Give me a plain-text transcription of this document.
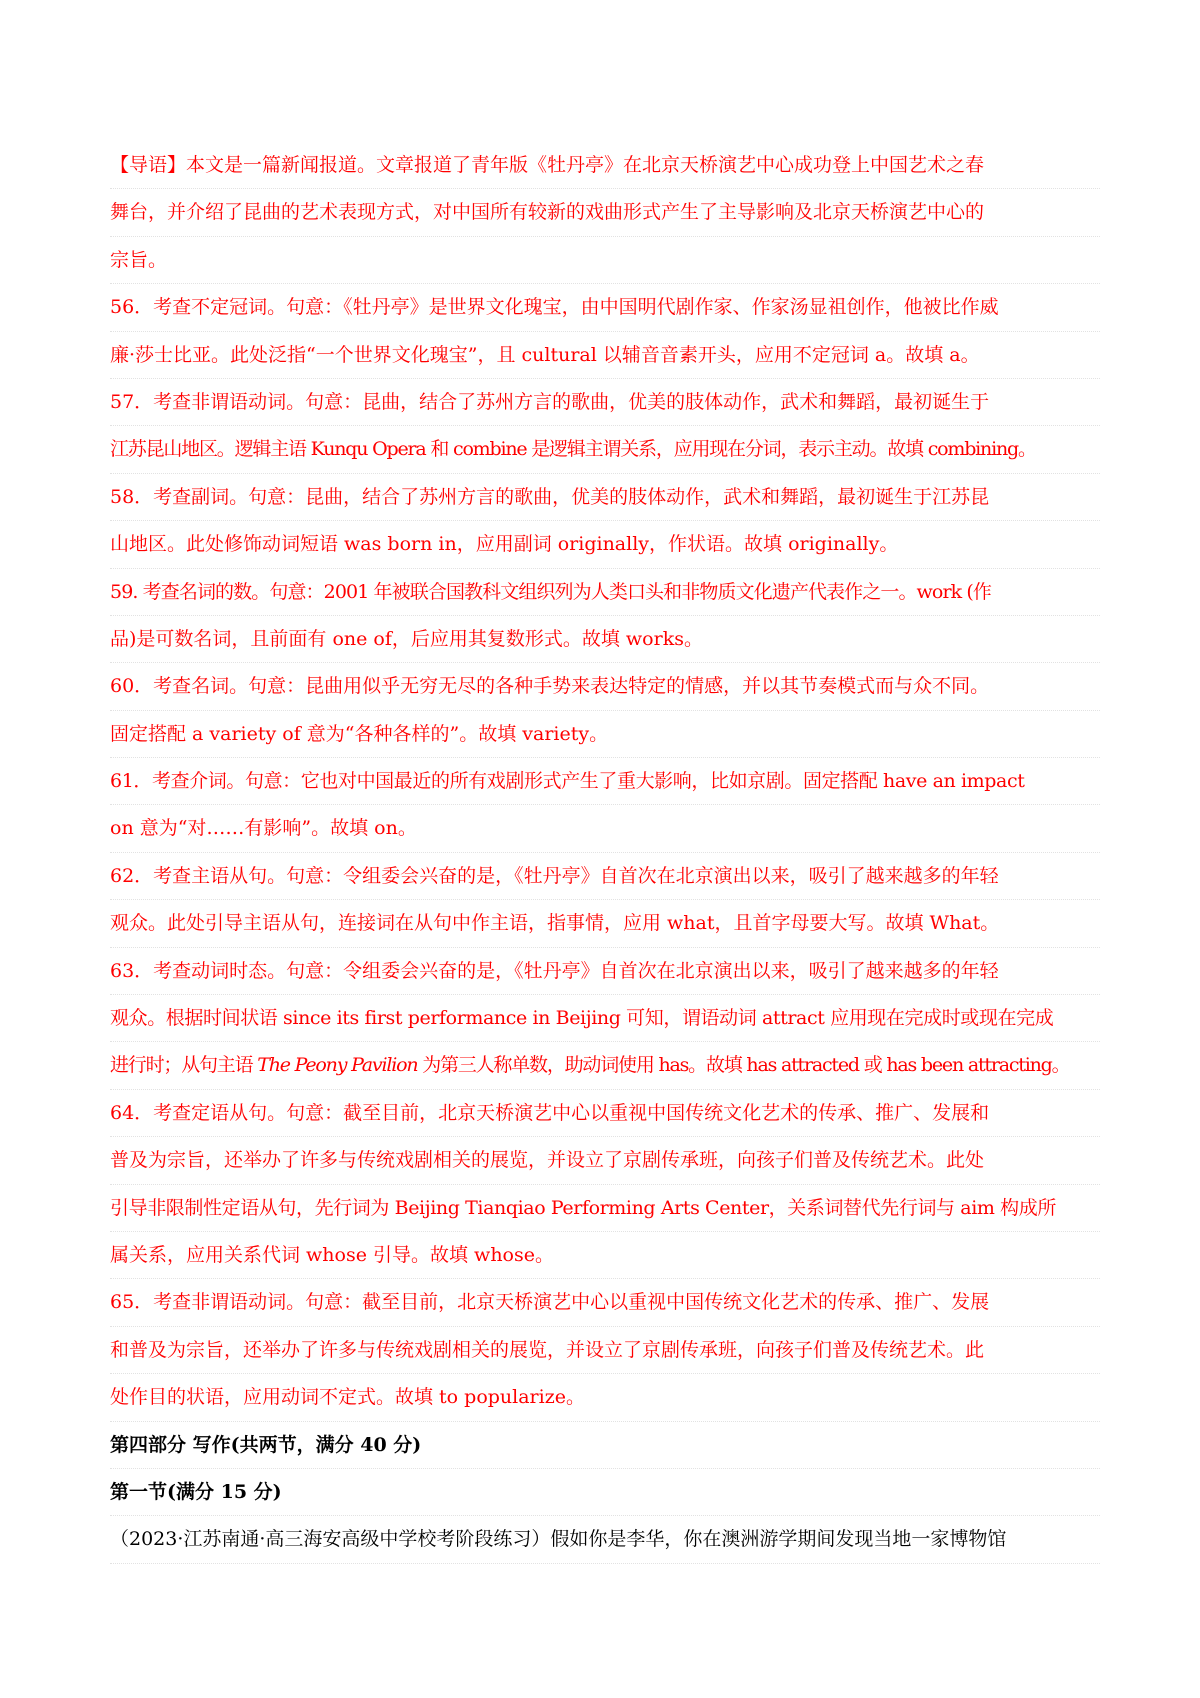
【导语】本文是一篇新闻报道。文章报道了青年版《牡丹亭》在北京天桥演艺中心成功登上中国艺术之春
舞台，并介绍了昆曲的艺术表现方式，对中国所有较新的戏曲形式产生了主导影响及北京天桥演艺中心的
宗旨。
56．考查不定冠词。句意：《牡丹亭》是世界文化瑰宝，由中国明代剧作家、作家汤显祖创作，他被比作威
廉·莎士比亚。此处泛指“一个世界文化瑰宝”，且 cultural 以辅音音素开头，应用不定冠词 a。故填 a。
57．考查非谓语动词。句意：昆曲，结合了苏州方言的歌曲，优美的肢体动作，武术和舞蹈，最初诞生于
江苏昆山地区。逻辑主语 Kunqu Opera 和 combine 是逻辑主谓关系，应用现在分词，表示主动。故填 combining。
58．考查副词。句意：昆曲，结合了苏州方言的歌曲，优美的肢体动作，武术和舞蹈，最初诞生于江苏昆
山地区。此处修饰动词短语 was born in，应用副词 originally，作状语。故填 originally。
59. 考查名词的数。句意：2001 年被联合国教科文组织列为人类口头和非物质文化遗产代表作之一。work (作
品)是可数名词，且前面有 one of，后应用其复数形式。故填 works。
60．考查名词。句意：昆曲用似乎无穷无尽的各种手势来表达特定的情感，并以其节奏模式而与众不同。
固定搭配 a variety of 意为“各种各样的”。故填 variety。
61．考查介词。句意：它也对中国最近的所有戏剧形式产生了重大影响，比如京剧。固定搭配 have an impact
on 意为“对……有影响”。故填 on。
62．考查主语从句。句意：令组委会兴奋的是，《牡丹亭》自首次在北京演出以来，吸引了越来越多的年轻
观众。此处引导主语从句，连接词在从句中作主语，指事情，应用 what，且首字母要大写。故填 What。
63．考查动词时态。句意：令组委会兴奋的是，《牡丹亭》自首次在北京演出以来，吸引了越来越多的年轻
观众。根据时间状语 since its first performance in Beijing 可知，谓语动词 attract 应用现在完成时或现在完成
进行时；从句主语 The Peony Pavilion 为第三人称单数，助动词使用 has。故填 has attracted 或 has been attracting。
64．考查定语从句。句意：截至目前，北京天桥演艺中心以重视中国传统文化艺术的传承、推广、发展和
普及为宗旨，还举办了许多与传统戏剧相关的展览，并设立了京剧传承班，向孩子们普及传统艺术。此处
引导非限制性定语从句，先行词为 Beijing Tianqiao Performing Arts Center，关系词替代先行词与 aim 构成所
属关系，应用关系代词 whose 引导。故填 whose。
65．考查非谓语动词。句意：截至目前，北京天桥演艺中心以重视中国传统文化艺术的传承、推广、发展
和普及为宗旨，还举办了许多与传统戏剧相关的展览，并设立了京剧传承班，向孩子们普及传统艺术。此
处作目的状语，应用动词不定式。故填 to popularize。
第四部分 写作(共两节，满分 40 分)
第一节(满分 15 分)
（2023·江苏南通·高三海安高级中学校考阶段练习）假如你是李华，你在澳洲游学期间发现当地一家博物馆
